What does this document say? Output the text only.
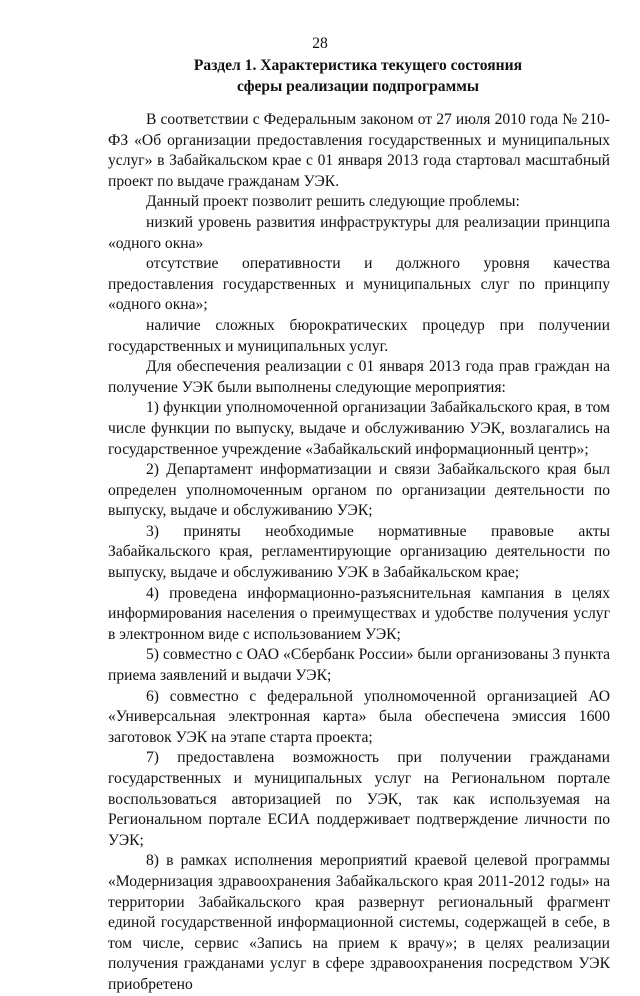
28
Раздел 1. Характеристика текущего состояния
сферы реализации подпрограммы

В соответствии с Федеральным законом от 27 июля 2010 года № 210-ФЗ «Об организации предоставления государственных и муниципальных услуг» в Забайкальском крае с 01 января 2013 года стартовал масштабный проект по выдаче гражданам УЭК.

Данный проект позволит решить следующие проблемы:

низкий уровень развития инфраструктуры для реализации принципа «одного окна»

отсутствие оперативности и должного уровня качества предоставления государственных и муниципальных слуг по принципу «одного окна»;

наличие сложных бюрократических процедур при получении государственных и муниципальных услуг.

Для обеспечения реализации с 01 января 2013 года прав граждан на получение УЭК были выполнены следующие мероприятия:

1) функции уполномоченной организации Забайкальского края, в том числе функции по выпуску, выдаче и обслуживанию УЭК, возлагались на государственное учреждение «Забайкальский информационный центр»;

2) Департамент информатизации и связи Забайкальского края был определен уполномоченным органом по организации деятельности по выпуску, выдаче и обслуживанию УЭК;

3) приняты необходимые нормативные правовые акты Забайкальского края, регламентирующие организацию деятельности по выпуску, выдаче и обслуживанию УЭК в Забайкальском крае;

4) проведена информационно-разъяснительная кампания в целях информирования населения о преимуществах и удобстве получения услуг в электронном виде с использованием УЭК;

5) совместно с ОАО «Сбербанк России» были организованы 3 пункта приема заявлений и выдачи УЭК;

6) совместно с федеральной уполномоченной организацией АО «Универсальная электронная карта» была обеспечена эмиссия 1600 заготовок УЭК на этапе старта проекта;

7) предоставлена возможность при получении гражданами государственных и муниципальных услуг на Региональном портале воспользоваться авторизацией по УЭК, так как используемая на Региональном портале ЕСИА поддерживает подтверждение личности по УЭК;

8) в рамках исполнения мероприятий краевой целевой программы «Модернизация здравоохранения Забайкальского края 2011-2012 годы» на территории Забайкальского края развернут региональный фрагмент единой государственной информационной системы, содержащей в себе, в том числе, сервис «Запись на прием к врачу»; в целях реализации получения гражданами услуг в сфере здравоохранения посредством УЭК приобретено
